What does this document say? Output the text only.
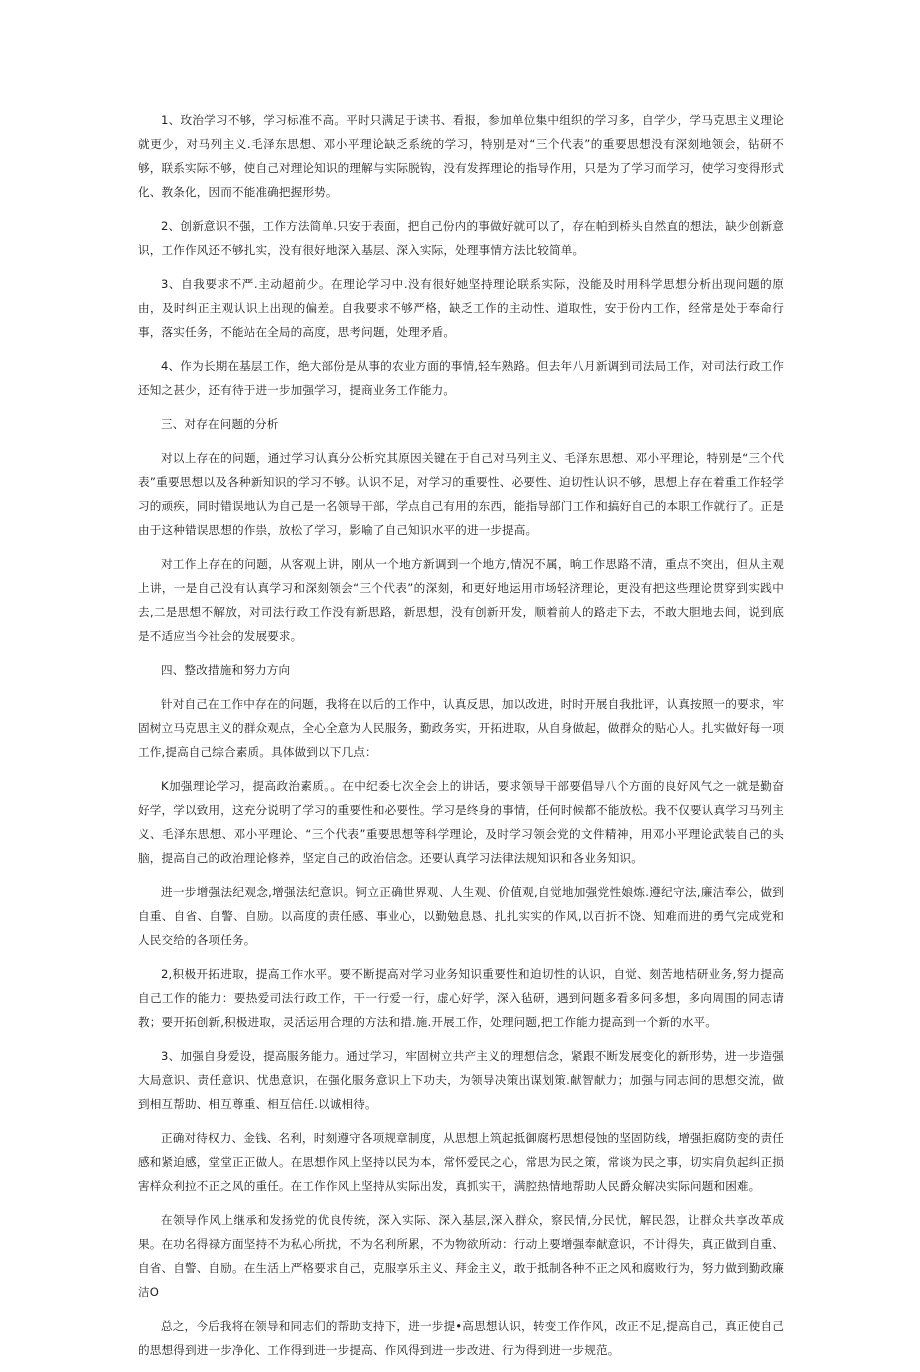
1、玫治学习不够，学习标准不高。平时只满足于读书、看报，参加单位集中组织的学习多，自学少，学马克思主义理论就更少，对马列主义.毛泽东思想、邓小平理论缺乏系统的学习，特别是对“三个代表”的重要思想没有深刻地领会，钻研不够，联系实际不够，使自己对理论知识的理解与实际脱钩，没有发挥理论的指导作用，只是为了学习而学习，使学习变得形式化、教条化，因而不能准确把握形势。

2、创新意识不强，工作方法简单.只安于表面，把自己份内的事做好就可以了，存在帕到桥头自然直的想法，缺少创新意识，工作作风还不够扎实，没有很好地深入基层、深入实际，处理事情方法比较简单。

3、自我要求不严.主动超前少。在理论学习中.没有很好她坚持理论联系实际，没能及时用科学思想分析出现问题的原由，及时纠正主观认识上出现的偏差。自我要求不够严格，缺乏工作的主动性、道取性，安于份内工作，经常是处于奉命行事，落实任务，不能站在全局的高度，思考问题，处理矛盾。

4、作为长期在基层工作，绝大部份是从事的农业方面的事情,轻车熟路。但去年八月新调到司法局工作，对司法行政工作还知之甚少，还有待于进一步加强学习，提商业务工作能力。

三、对存在问题的分析

对以上存在的问题，通过学习认真分公析究其原因关键在于自己对马列主义、毛泽东思想、邓小平理论，特别是“三个代表”重要思想以及各种新知识的学习不够。认识不足，对学习的重要性、必要性、迫切性认识不够，思想上存在着重工作轻学习的顽疾，同时错误地认为自己是一名领导干部，学点自己有用的东西，能指导部门工作和搞好自己的本职工作就行了。正是由于这种错误思想的作祟，放松了学习，影喻了自己知识水平的进一步提高。

对工作上存在的问题，从客观上讲，刚从一个地方新调到一个地方,情况不属，晌工作思路不清，重点不突出，但从主观上讲，一是自己没有认真学习和深刻领会“三个代表”的深刻，和更好地运用市场轻济理论，更没有把这些理论贯穿到实践中去,二是思想不解放，对司法行政工作没有新思路，新思想，没有创新开发，顺着前人的路走下去，不敢大胆地去间，说到底是不适应当今社会的发展要求。

四、整改措施和努力方向

针对自己在工作中存在的问题，我将在以后的工作中，认真反思，加以改进，时时开展自我批评，认真按照一的要求，牢固树立马克思主义的群众观点，全心全意为人民服务，勤政务实，开拓进取，从自身做起，做群众的贴心人。扎实做好每一项工作,提高自己综合素质。具体做到以下几点：

K加强理论学习，提高政治素质。。在中纪委七次全会上的讲话，要求领导干部要倡导八个方面的良好风气之一就是勤奋好学，学以致用，这充分说明了学习的重要性和必要性。学习是终身的事情，任何时候都不能放松。我不仅要认真学习马列主义、毛泽东思想、邓小平理论、“三个代表”重要思想等科学理论，及时学习领会党的文件精神，用邓小平理论武装自己的头脑，提高自己的政治理论修养，坚定自己的政治信念。还要认真学习法律法规知识和各业务知识。

进一步增强法纪观念,增强法纪意识。钶立正确世界观、人生观、价值观,自觉地加强党性娘炼.遵纪守法,廉洁奉公，做到自重、自省、自警、自励。以高度的责任感、事业心，以勤勉息恳、扎扎实实的作风,以百折不饶、知难而进的勇气完成党和人民交给的各项任务。

2,积极开拓进取，提高工作水平。要不断提高对学习业务知识重要性和迫切性的认识，自觉、刻苦地桔研业务,努力提高自己工作的能力：要热爱司法行政工作，干一行爱一行，虚心好学，深入毡研，遇到问题多看多问多想，多向周围的同志请教；要开拓创新,积极进取，灵活运用合理的方法和措.施.开展工作，处理问题,把工作能力提高到一个新的水平。

3、加强自身爱设，提高服务能力。通过学习，牢固树立共产主义的理想信念，紧跟不断发展变化的新形势，进一步造强大局意识、责任意识、忧患意识，在强化服务意识上下功夫，为领导决策出谋划策.献智献力；加强与同志间的思想交流，做到相互帮助、相互尊重、相互信任.以诚相待。

正确对待权力、金钱、名利，时刻遵守各项规章制度，从思想上筑起抵御腐朽思想侵蚀的坚固防线，增强拒腐防变的责任感和紧迫感，堂堂正正做人。在思想作风上坚持以民为本，常怀爱民之心，常思为民之策，常谈为民之事，切实肩负起纠正损害样众利拉不正之风的重任。在工作作风上坚持从实际出发，真抓实干，满腔热情地帮助人民爵众解决实际问题和困难。

在领导作风上继承和发扬党的优良传统，深入实际、深入基层,深入群众，察民情,分民忧，解民怨，让群众共享改革成果。在功名得禄方面坚持不为私心所扰，不为名利所累，不为物欲所动：行动上要增强奉献意识，不计得失，真正做到自重、自省、自警、自励。在生活上严格要求自己，克服享乐主义、拜金主义，敢于抵制各种不正之风和腐败行为，努力做到勤政廉洁O

总之，今后我将在领导和同志们的帮助支持下，进一步提•高思想认识，转变工作作风，改正不足,提高自己，真正使自己的思想得到进一步净化、工作得到进一步提高、作风得到进一步改进、行为得到进一步规范。
